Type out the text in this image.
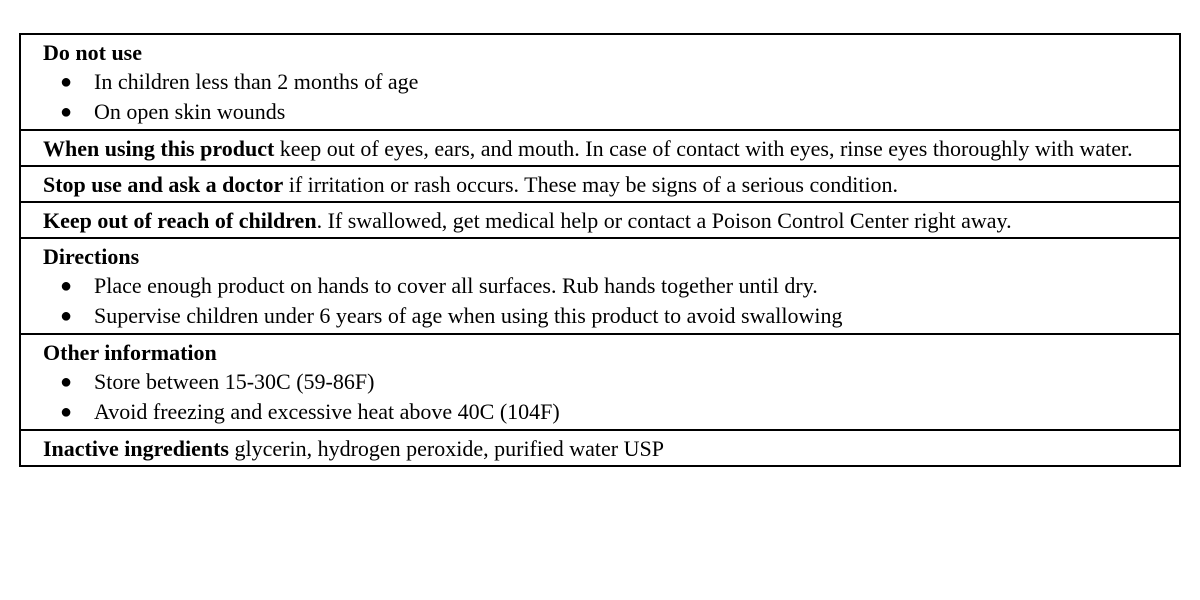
Do not use
● In children less than 2 months of age
● On open skin wounds
When using this product keep out of eyes, ears, and mouth. In case of contact with eyes, rinse eyes thoroughly with water.
Stop use and ask a doctor if irritation or rash occurs. These may be signs of a serious condition.
Keep out of reach of children. If swallowed, get medical help or contact a Poison Control Center right away.
Directions
● Place enough product on hands to cover all surfaces. Rub hands together until dry.
● Supervise children under 6 years of age when using this product to avoid swallowing
Other information
● Store between 15-30C (59-86F)
● Avoid freezing and excessive heat above 40C (104F)
Inactive ingredients glycerin, hydrogen peroxide, purified water USP
